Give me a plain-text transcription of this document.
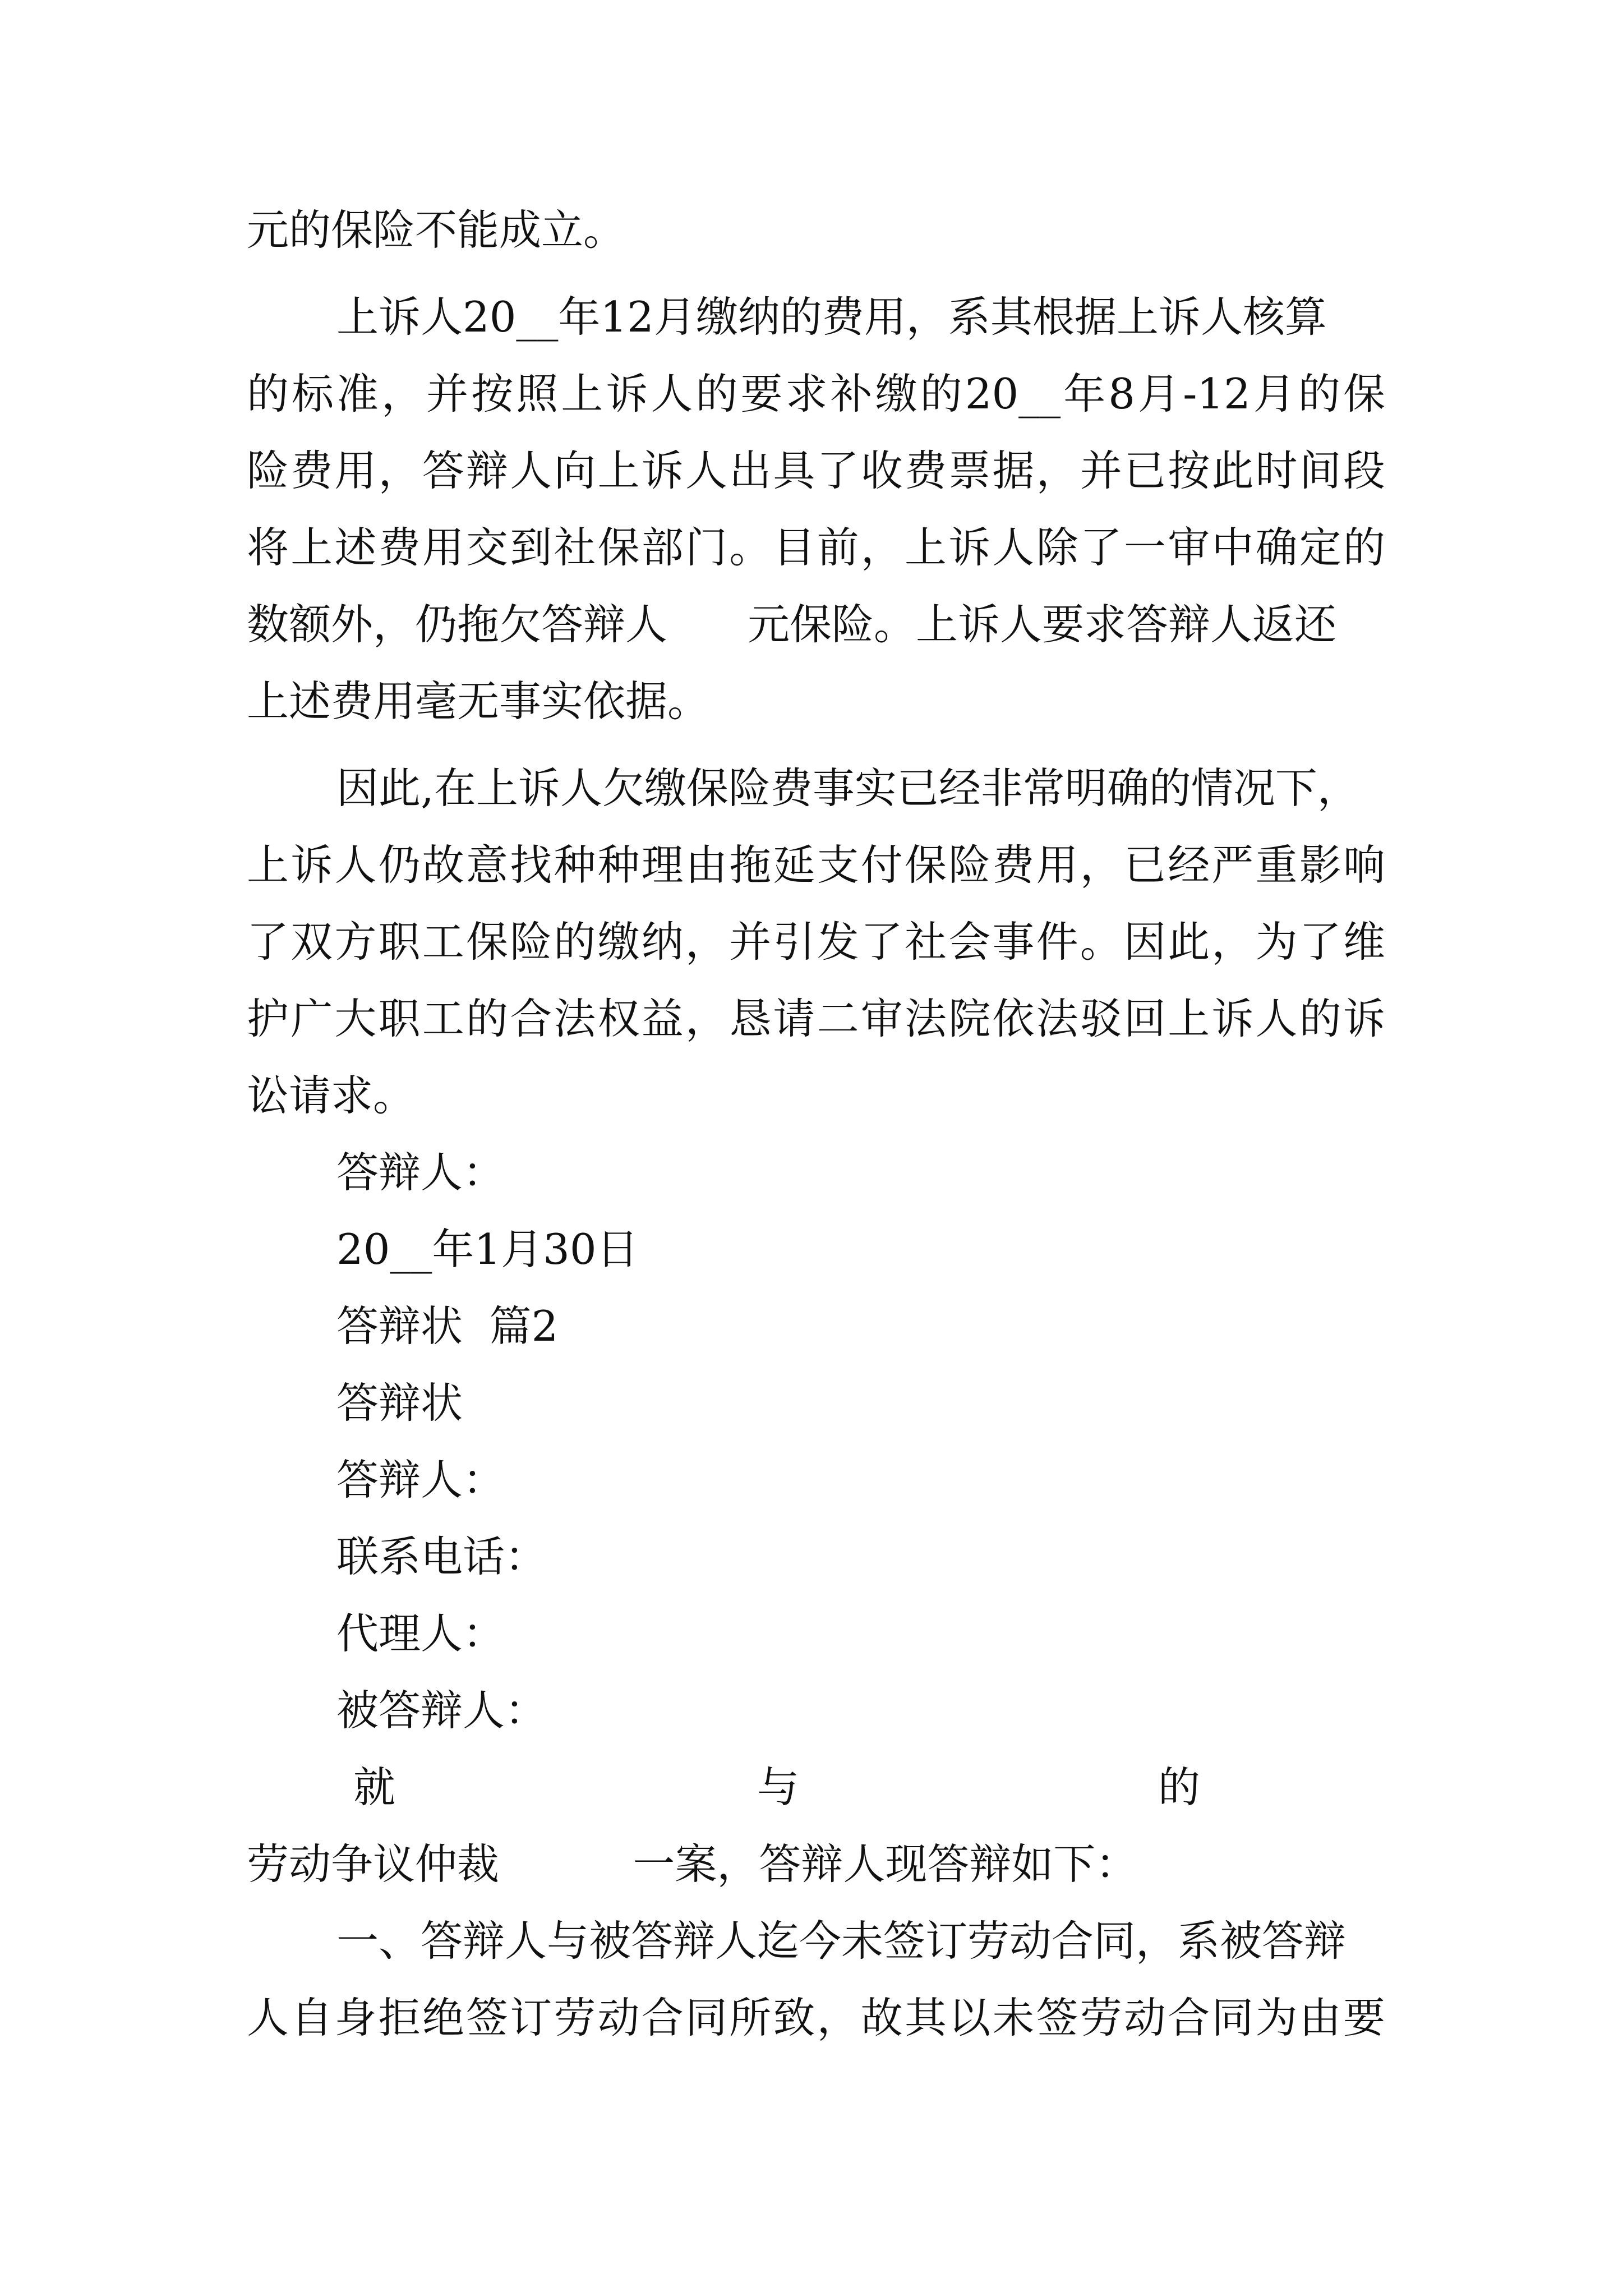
元的保险不能成立。
上诉人20__年12月缴纳的费用，系其根据上诉人核算
的标准，并按照上诉人的要求补缴的20__年8月-12月的保
险费用，答辩人向上诉人出具了收费票据，并已按此时间段
将上述费用交到社保部门。目前，上诉人除了一审中确定的
数额外，仍拖欠答辩人      元保险。上诉人要求答辩人返还
上述费用毫无事实依据。
因此,在上诉人欠缴保险费事实已经非常明确的情况下，
上诉人仍故意找种种理由拖延支付保险费用，已经严重影响
了双方职工保险的缴纳，并引发了社会事件。因此，为了维
护广大职工的合法权益，恳请二审法院依法驳回上诉人的诉
讼请求。
答辩人：
20__年1月30日
答辩状  篇2
答辩状
答辩人：
联系电话：
代理人：
被答辩人：
就	与	的
劳动争议仲裁          一案，答辩人现答辩如下：
一、答辩人与被答辩人迄今未签订劳动合同，系被答辩
人自身拒绝签订劳动合同所致，故其以未签劳动合同为由要
